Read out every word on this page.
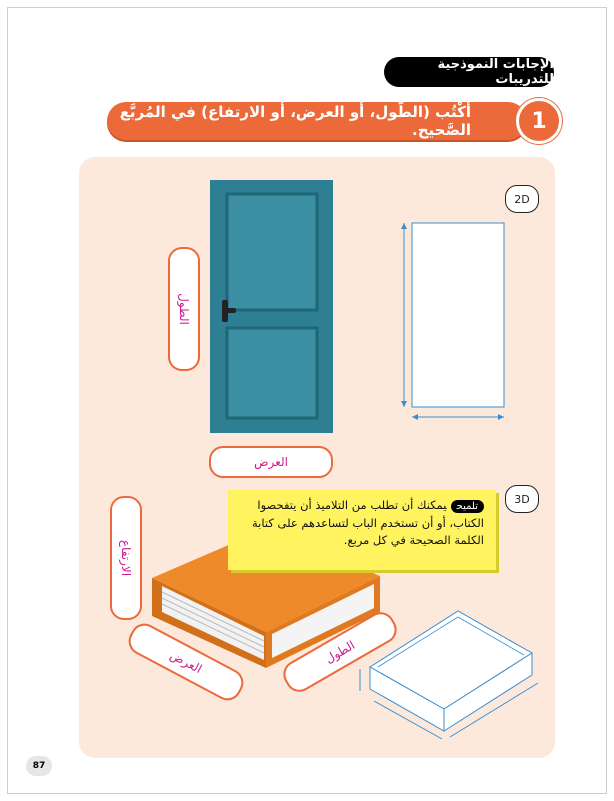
الإجابات النموذجية للتدريبات
أَكْتُب (الطُّول، أو العرض، أو الارتفاع) في المُربَّع الصَّحيح.	1
2D
الطول
العرض
3D
الارتفاع
العرض	الطول
تلميحيمكنك أن تطلب من التلاميذ أن يتفحصوا الكتاب، أو أن تستخدم الباب لتساعدهم على كتابة الكلمة الصحيحة في كل مربع.
87
